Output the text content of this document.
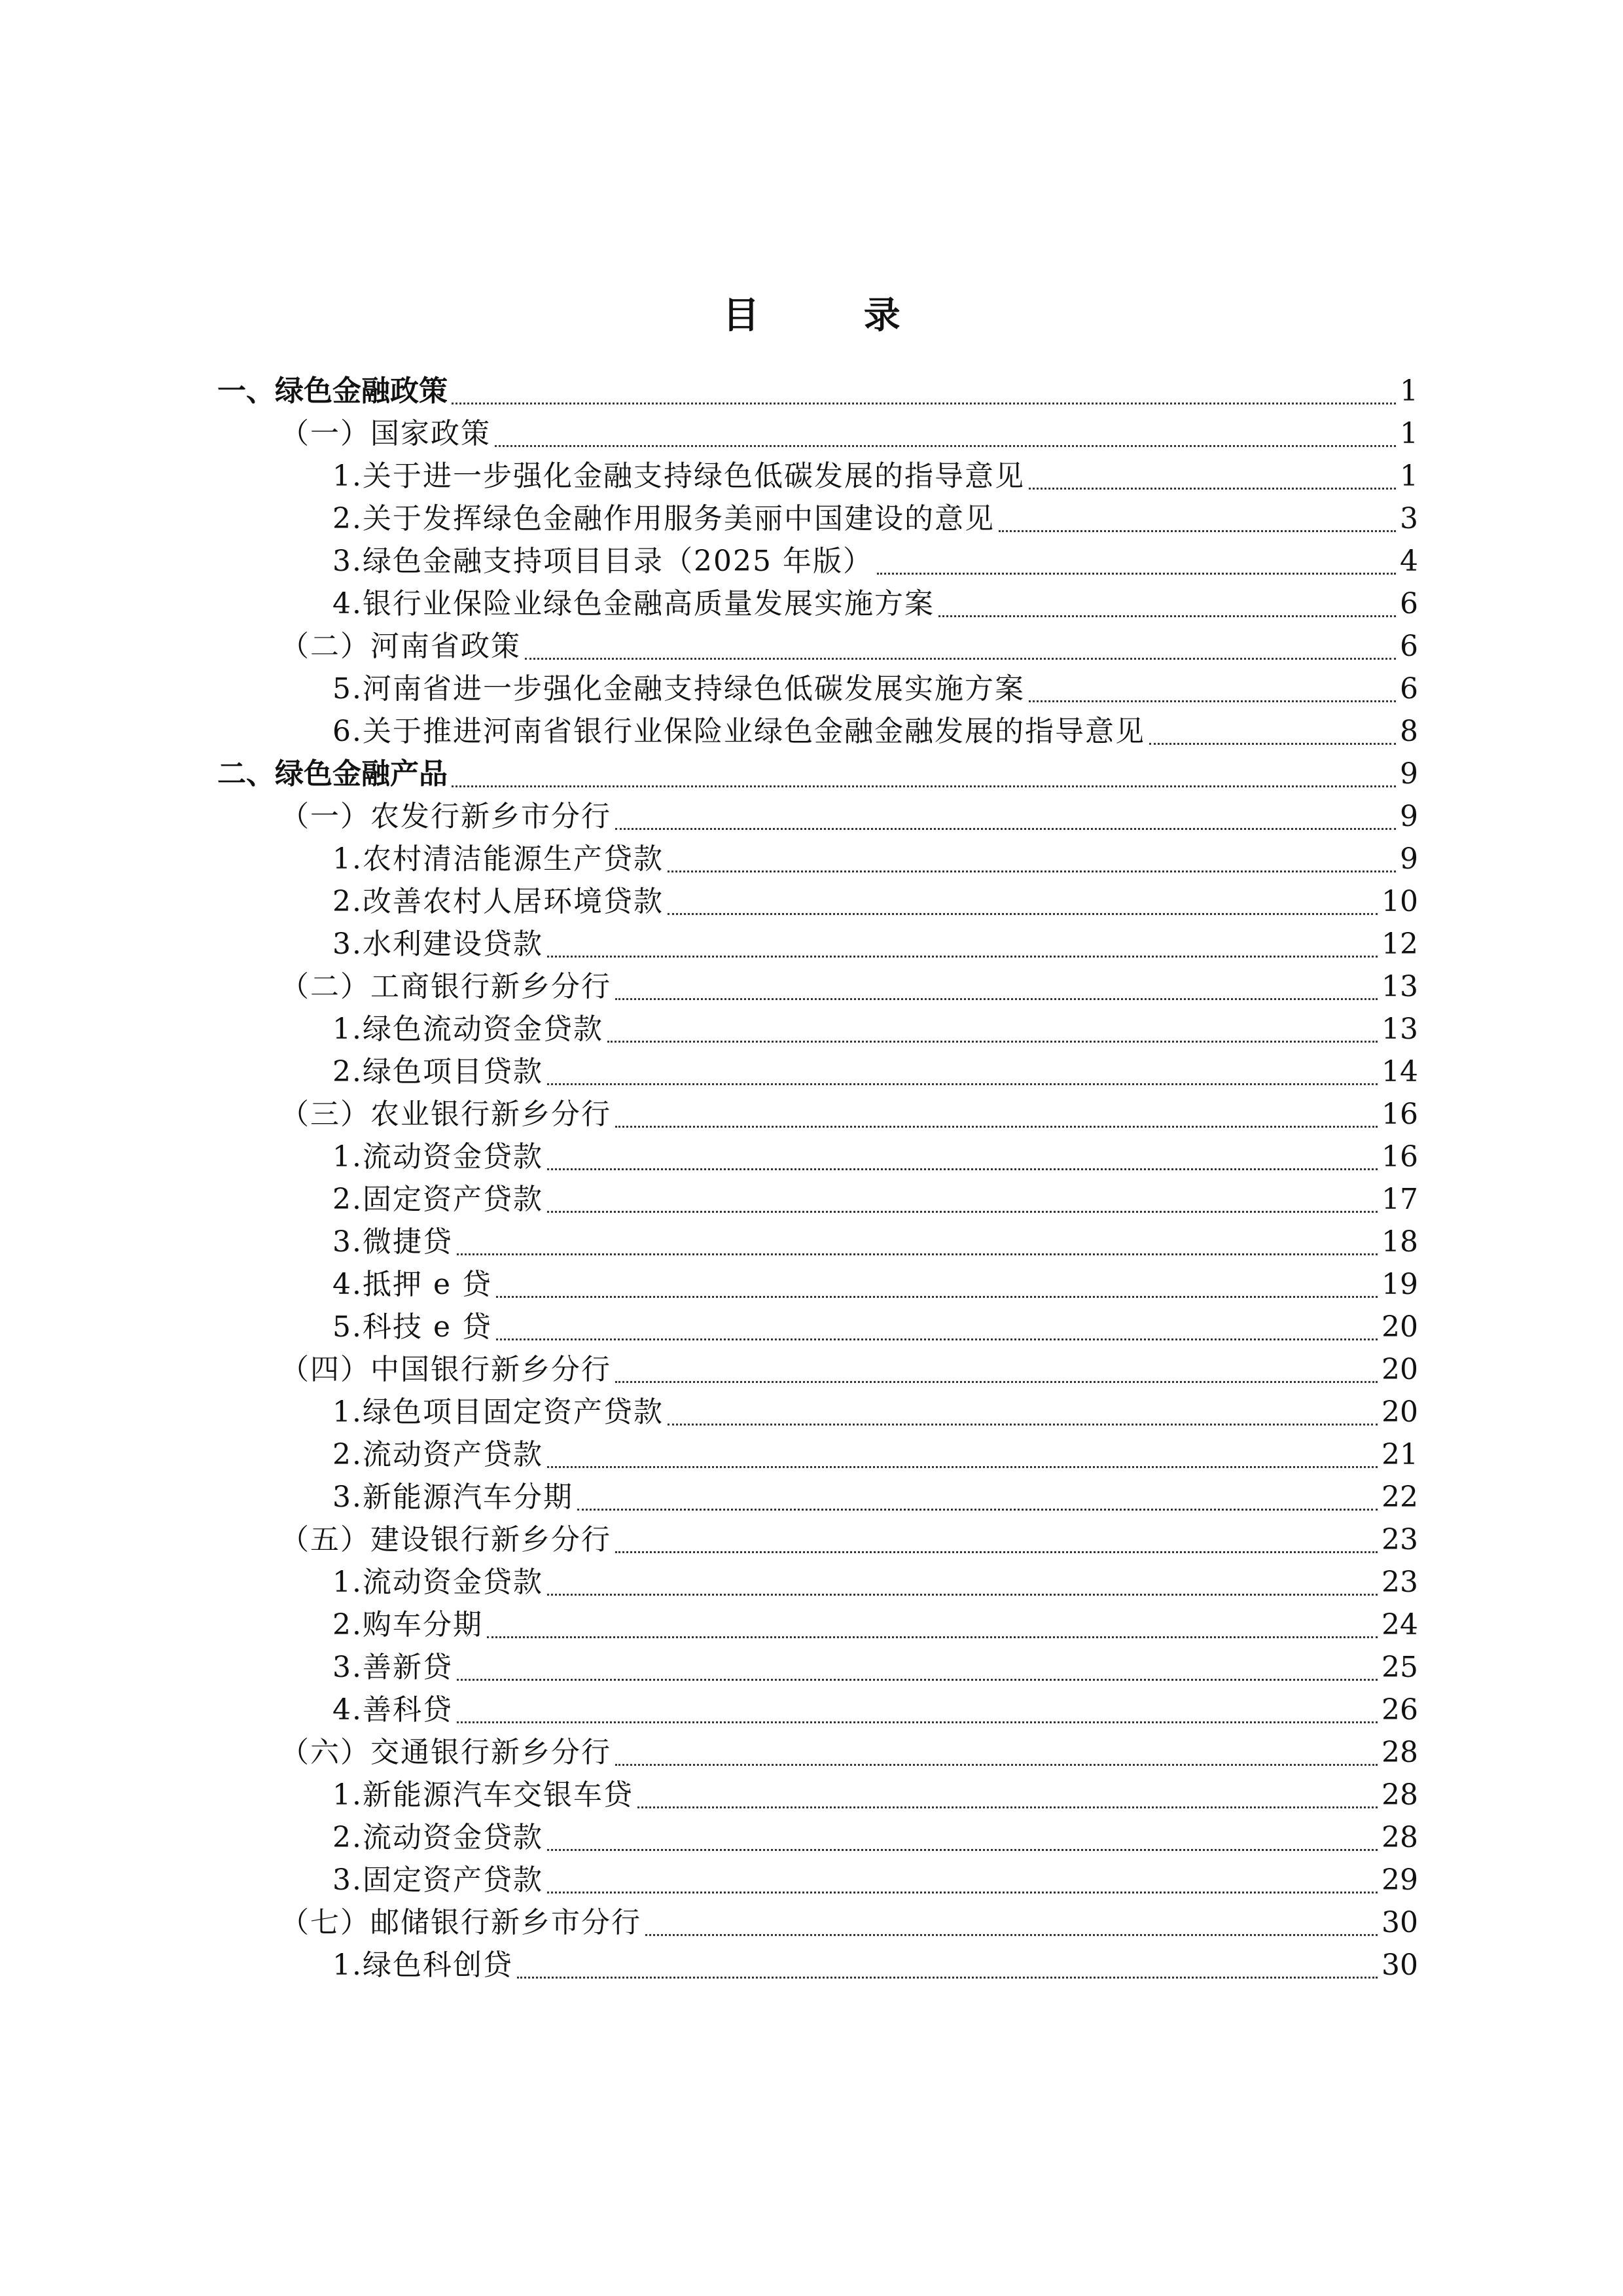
目 录
一、绿色金融政策	1
（一）国家政策	1
1.关于进一步强化金融支持绿色低碳发展的指导意见	1
2.关于发挥绿色金融作用服务美丽中国建设的意见	3
3.绿色金融支持项目目录（2025 年版）	4
4.银行业保险业绿色金融高质量发展实施方案	6
（二）河南省政策	6
5.河南省进一步强化金融支持绿色低碳发展实施方案	6
6.关于推进河南省银行业保险业绿色金融金融发展的指导意见	8
二、绿色金融产品	9
（一）农发行新乡市分行	9
1.农村清洁能源生产贷款	9
2.改善农村人居环境贷款	10
3.水利建设贷款	12
（二）工商银行新乡分行	13
1.绿色流动资金贷款	13
2.绿色项目贷款	14
（三）农业银行新乡分行	16
1.流动资金贷款	16
2.固定资产贷款	17
3.微捷贷	18
4.抵押 e 贷	19
5.科技 e 贷	20
（四）中国银行新乡分行	20
1.绿色项目固定资产贷款	20
2.流动资产贷款	21
3.新能源汽车分期	22
（五）建设银行新乡分行	23
1.流动资金贷款	23
2.购车分期	24
3.善新贷	25
4.善科贷	26
（六）交通银行新乡分行	28
1.新能源汽车交银车贷	28
2.流动资金贷款	28
3.固定资产贷款	29
（七）邮储银行新乡市分行	30
1.绿色科创贷	30
